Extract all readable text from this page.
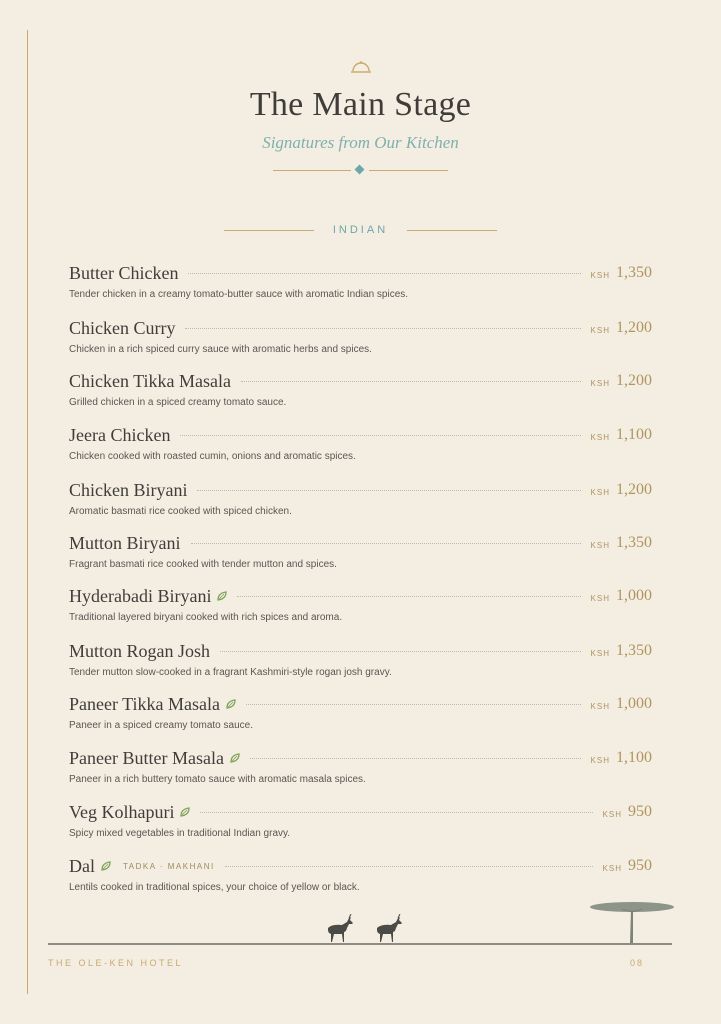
The Main Stage
Signatures from Our Kitchen
INDIAN
Butter Chicken	KSH 1,350
Tender chicken in a creamy tomato-butter sauce with aromatic Indian spices.
Chicken Curry	KSH 1,200
Chicken in a rich spiced curry sauce with aromatic herbs and spices.
Chicken Tikka Masala	KSH 1,200
Grilled chicken in a spiced creamy tomato sauce.
Jeera Chicken	KSH 1,100
Chicken cooked with roasted cumin, onions and aromatic spices.
Chicken Biryani	KSH 1,200
Aromatic basmati rice cooked with spiced chicken.
Mutton Biryani	KSH 1,350
Fragrant basmati rice cooked with tender mutton and spices.
Hyderabadi Biryani	KSH 1,000
Traditional layered biryani cooked with rich spices and aroma.
Mutton Rogan Josh	KSH 1,350
Tender mutton slow-cooked in a fragrant Kashmiri-style rogan josh gravy.
Paneer Tikka Masala	KSH 1,000
Paneer in a spiced creamy tomato sauce.
Paneer Butter Masala	KSH 1,100
Paneer in a rich buttery tomato sauce with aromatic masala spices.
Veg Kolhapuri	KSH 950
Spicy mixed vegetables in traditional Indian gravy.
Dal	TADKA · MAKHANI	KSH 950
Lentils cooked in traditional spices, your choice of yellow or black.
THE OLE-KEN HOTEL	08
